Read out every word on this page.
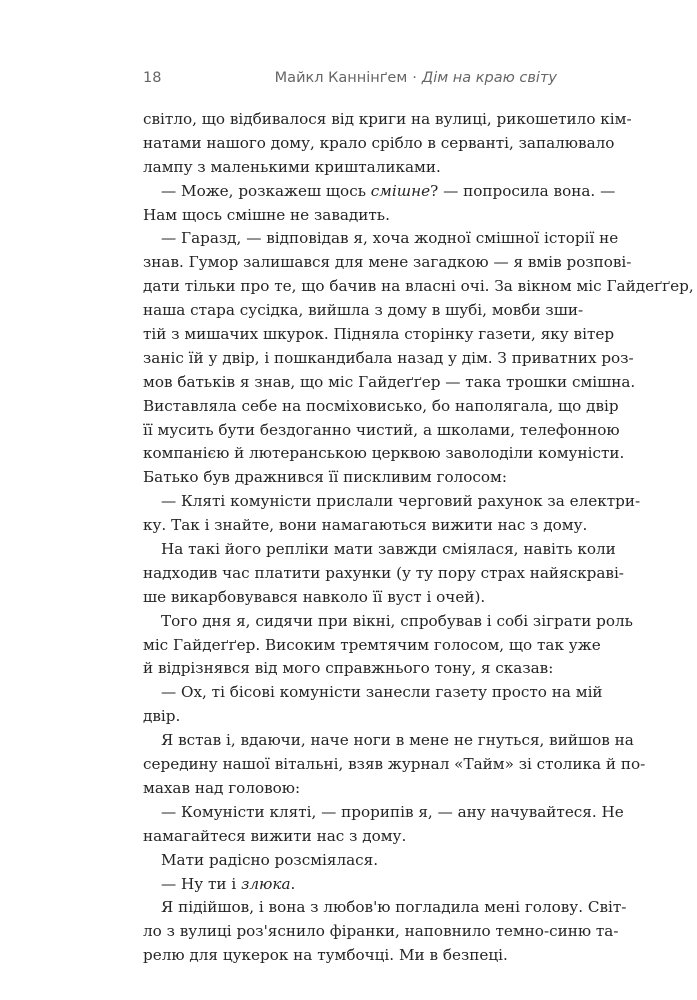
18	Майкл Каннінґем · Дім на краю світу
світло, що відбивалося від криги на вулиці, рикошетило кім-
натами нашого дому, крало срібло в серванті, запалювало
лампу з маленькими кришталиками.
— Може, розкажеш щось смішне? — попросила вона. —
Нам щось смішне не завадить.
— Гаразд, — відповідав я, хоча жодної смішної історії не
знав. Гумор залишався для мене загадкою — я вмів розпові-
дати тільки про те, що бачив на власні очі. За вікном міс Гайдеґґер,
наша стара сусідка, вийшла з дому в шубі, мовби зши-
тій з мишачих шкурок. Підняла сторінку газети, яку вітер
заніс їй у двір, і пошкандибала назад у дім. З приватних роз-
мов батьків я знав, що міс Гайдеґґер — така трошки смішна.
Виставляла себе на посміховисько, бо наполягала, що двір
її мусить бути бездоганно чистий, а школами, телефонною
компанією й лютеранською церквою заволоділи комуністи.
Батько був дражнився її пискливим голосом:
— Кляті комуністи прислали черговий рахунок за електри-
ку. Так і знайте, вони намагаються вижити нас з дому.
На такі його репліки мати завжди сміялася, навіть коли
надходив час платити рахунки (у ту пору страх найяскраві-
ше викарбовувався навколо її вуст і очей).
Того дня я, сидячи при вікні, спробував і собі зіграти роль
міс Гайдеґґер. Високим тремтячим голосом, що так уже
й відрізнявся від мого справжнього тону, я сказав:
— Ох, ті бісові комуністи занесли газету просто на мій
двір.
Я встав і, вдаючи, наче ноги в мене не гнуться, вийшов на
середину нашої вітальні, взяв журнал «Тайм» зі столика й по-
махав над головою:
— Комуністи кляті, — прорипів я, — ану начувайтеся. Не
намагайтеся вижити нас з дому.
Мати радісно розсміялася.
— Ну ти і злюка.
Я підійшов, і вона з любов'ю погладила мені голову. Світ-
ло з вулиці роз'яснило фіранки, наповнило темно-синю та-
релю для цукерок на тумбочці. Ми в безпеці.
